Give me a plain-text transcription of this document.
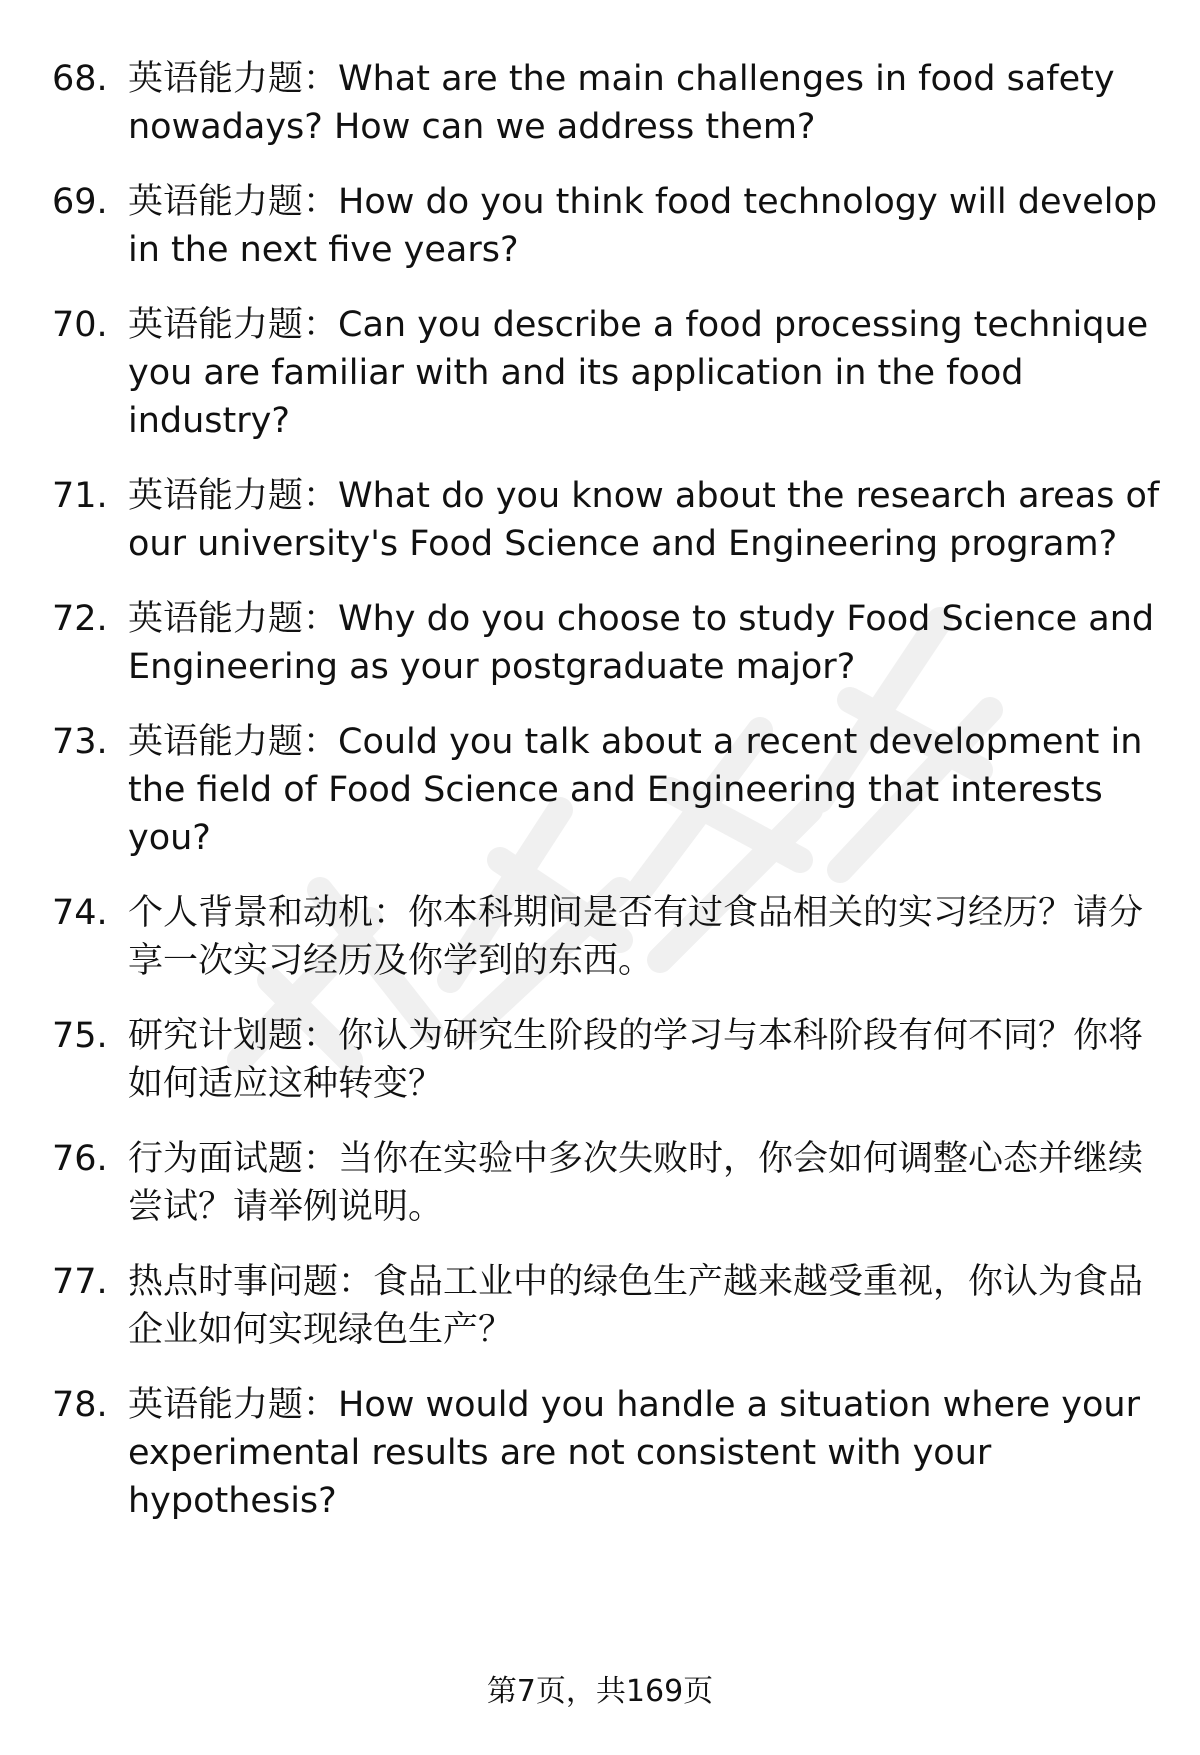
68. 英语能力题：What are the main challenges in food safety nowadays? How can we address them?
69. 英语能力题：How do you think food technology will develop in the next five years?
70. 英语能力题：Can you describe a food processing technique you are familiar with and its application in the food industry?
71. 英语能力题：What do you know about the research areas of our university's Food Science and Engineering program?
72. 英语能力题：Why do you choose to study Food Science and Engineering as your postgraduate major?
73. 英语能力题：Could you talk about a recent development in the field of Food Science and Engineering that interests you?
74. 个人背景和动机：你本科期间是否有过食品相关的实习经历？请分享一次实习经历及你学到的东西。
75. 研究计划题：你认为研究生阶段的学习与本科阶段有何不同？你将如何适应这种转变？
76. 行为面试题：当你在实验中多次失败时，你会如何调整心态并继续尝试？请举例说明。
77. 热点时事问题：食品工业中的绿色生产越来越受重视，你认为食品企业如何实现绿色生产？
78. 英语能力题：How would you handle a situation where your experimental results are not consistent with your hypothesis?
第7页，共169页
